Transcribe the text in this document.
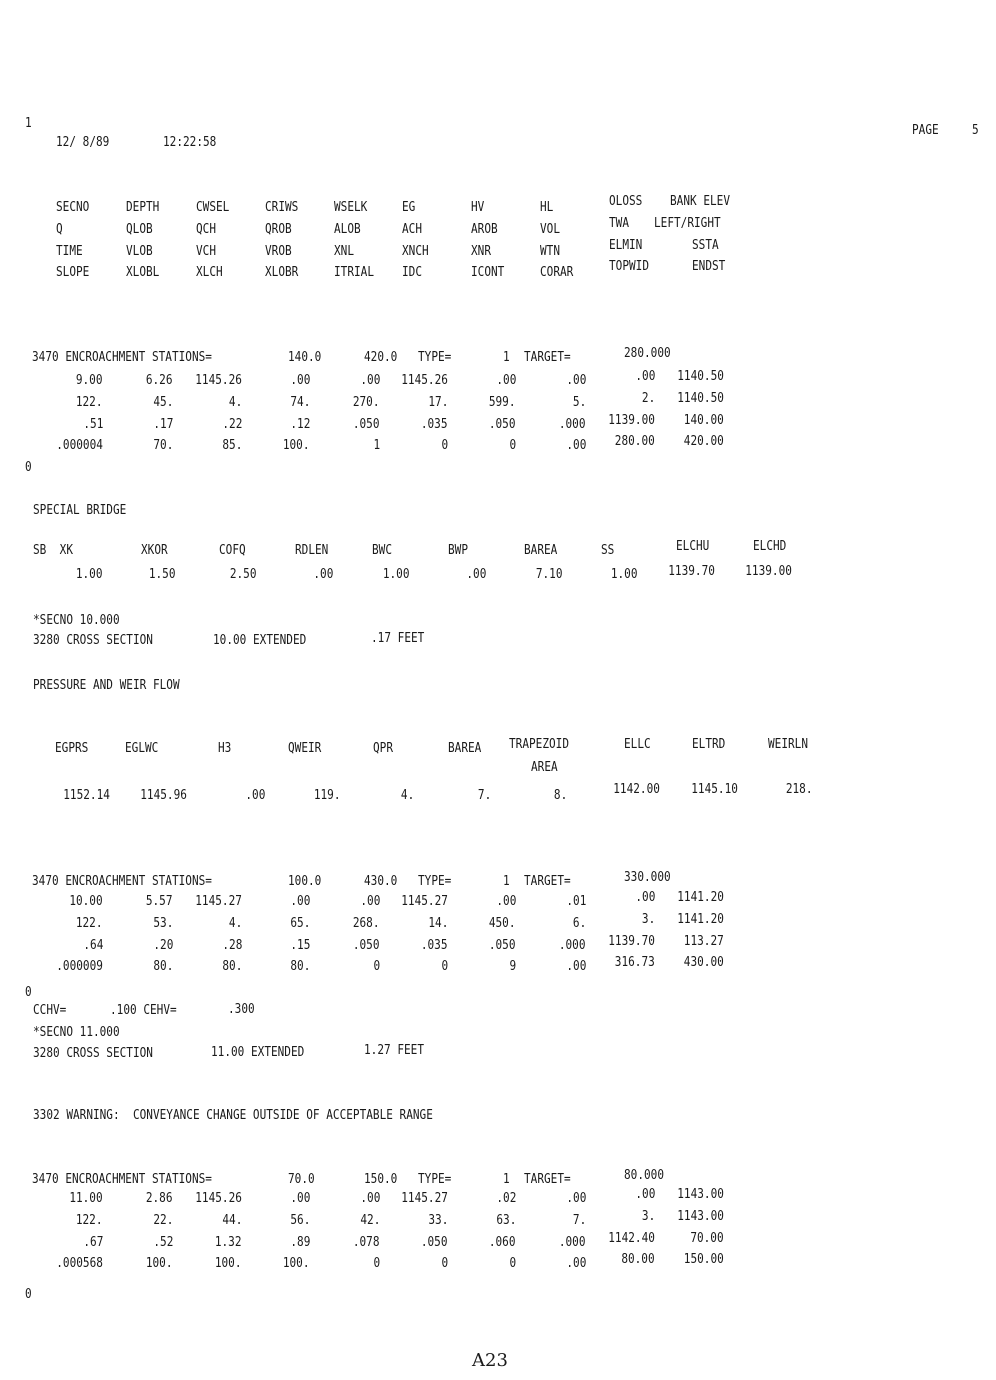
1
12/ 8/89	12:22:58
PAGE 5
SECNO	DEPTH	CWSEL	CRIWS	WSELK	EG	HV	HL	OLOSS BANK ELEV
Q	QLOB	QCH	QROB	ALOB	ACH	AROB	VOL	TWA LEFT/RIGHT
TIME	VLOB	VCH	VROB	XNL	XNCH	XNR	WTN	ELMIN	SSTA
SLOPE	XLOBL	XLCH	XLOBR	ITRIAL IDC	ICONT	CORAR	TOPWID	ENDST
3470 ENCROACHMENT STATIONS=	140.0	420.0 TYPE=	1 TARGET=	280.000
9.00	6.26 1145.26	.00	.00 1145.26	.00	.00	.00 1140.50
122.	45.	4.	74.	270.	17.	599.	5.	2. 1140.50
.51	.17	.22	.12	.050	.035	.050	.000 1139.00 140.00
.000004	70.	85.	100.	1	0	0	.00 280.00 420.00
0
SPECIAL BRIDGE
SB  XK	XKOR	COFQ	RDLEN	BWC	BWP	BAREA	SS	ELCHU	ELCHD
1.00	1.50	2.50	.00	1.00	.00	7.10	1.00 1139.70 1139.00
*SECNO 10.000
3280 CROSS SECTION	10.00 EXTENDED	.17 FEET
PRESSURE AND WEIR FLOW
EGPRS	EGLWC	H3	QWEIR	QPR	BAREA TRAPEZOID	ELLC	ELTRD	WEIRLN
AREA
1152.14 1145.96	.00	119.	4.	7.	8.	1142.00 1145.10	218.
3470 ENCROACHMENT STATIONS=	100.0	430.0 TYPE=	1 TARGET=	330.000
10.00	5.57 1145.27	.00	.00 1145.27	.00	.01	.00 1141.20
122.	53.	4.	65.	268.	14.	450.	6.	3. 1141.20
.64	.20	.28	.15	.050	.035	.050	.000 1139.70 113.27
.000009	80.	80.	80.	0	0	9	.00 316.73 430.00
0
CCHV=	.100 CEHV=	.300
*SECNO 11.000
3280 CROSS SECTION	11.00 EXTENDED	1.27 FEET
3302 WARNING:  CONVEYANCE CHANGE OUTSIDE OF ACCEPTABLE RANGE
3470 ENCROACHMENT STATIONS=	70.0	150.0 TYPE=	1 TARGET=	80.000
11.00	2.86 1145.26	.00	.00 1145.27	.02	.00	.00 1143.00
122.	22.	44.	56.	42.	33.	63.	7.	3. 1143.00
.67	.52	1.32	.89	.078	.050	.060	.000 1142.40	70.00
.000568	100.	100.	100.	0	0	0	.00	80.00 150.00
0
A23
